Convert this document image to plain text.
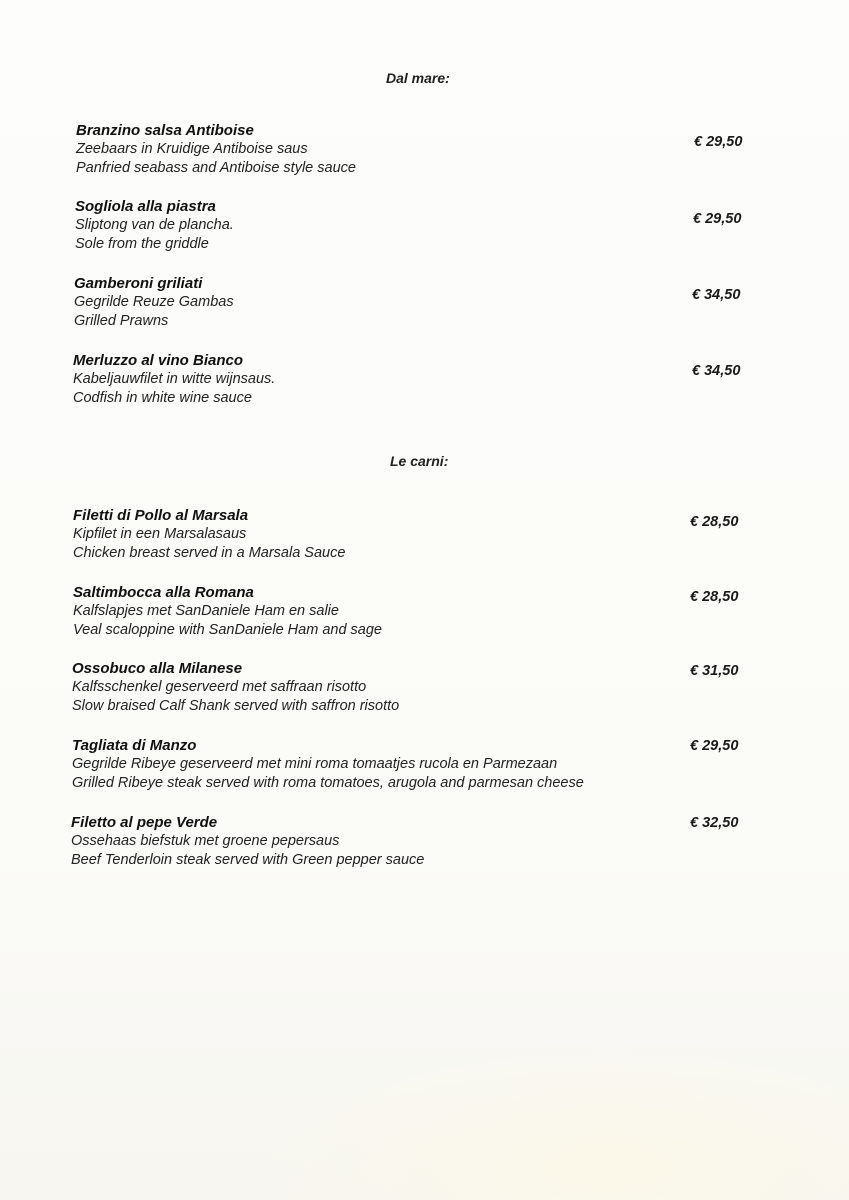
Dal mare:
Branzino salsa Antiboise
Zeebaars in Kruidige Antiboise saus
Panfried seabass and Antiboise style sauce
€ 29,50
Sogliola alla piastra
Sliptong van de plancha.
Sole from the griddle
€ 29,50
Gamberoni griliati
Gegrilde Reuze Gambas
Grilled Prawns
€ 34,50
Merluzzo al vino Bianco
Kabeljauwfilet in witte wijnsaus.
Codfish in white wine sauce
€ 34,50
Le carni:
Filetti di Pollo al Marsala
Kipfilet in een Marsalasaus
Chicken breast served in a Marsala Sauce
€ 28,50
Saltimbocca alla Romana
Kalfslapjes met SanDaniele Ham en salie
Veal scaloppine with SanDaniele Ham and sage
€ 28,50
Ossobuco alla Milanese
Kalfsschenkel geserveerd met saffraan risotto
Slow braised Calf Shank served with saffron risotto
€ 31,50
Tagliata di Manzo
Gegrilde Ribeye geserveerd met mini roma tomaatjes rucola en Parmezaan
Grilled Ribeye steak served with roma tomatoes, arugola and parmesan cheese
€ 29,50
Filetto al pepe Verde
Ossehaas biefstuk met groene pepersaus
Beef Tenderloin steak served with Green pepper sauce
€ 32,50
